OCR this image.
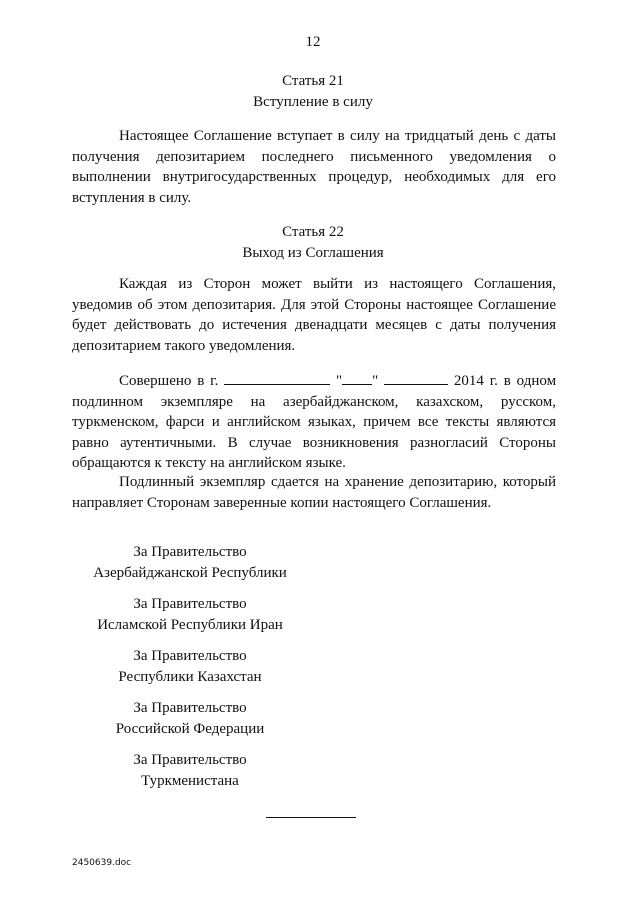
12
Статья 21
Вступление в силу
Настоящее Соглашение вступает в силу на тридцатый день с даты
получения депозитарием последнего письменного уведомления о
выполнении внутригосударственных процедур, необходимых для его
вступления в силу.
Статья 22
Выход из Соглашения
Каждая из Сторон может выйти из настоящего Соглашения,
уведомив об этом депозитария. Для этой Стороны настоящее Соглашение
будет действовать до истечения двенадцати месяцев с даты получения
депозитарием такого уведомления.
Совершено в г.	" "	2014 г. в одном
подлинном экземпляре на азербайджанском, казахском, русском,
туркменском, фарси и английском языках, причем все тексты являются
равно аутентичными. В случае возникновения разногласий Стороны
обращаются к тексту на английском языке.
Подлинный экземпляр сдается на хранение депозитарию, который
направляет Сторонам заверенные копии настоящего Соглашения.
За Правительство
Азербайджанской Республики
За Правительство
Исламской Республики Иран
За Правительство
Республики Казахстан
За Правительство
Российской Федерации
За Правительство
Туркменистана
2450639.doc
